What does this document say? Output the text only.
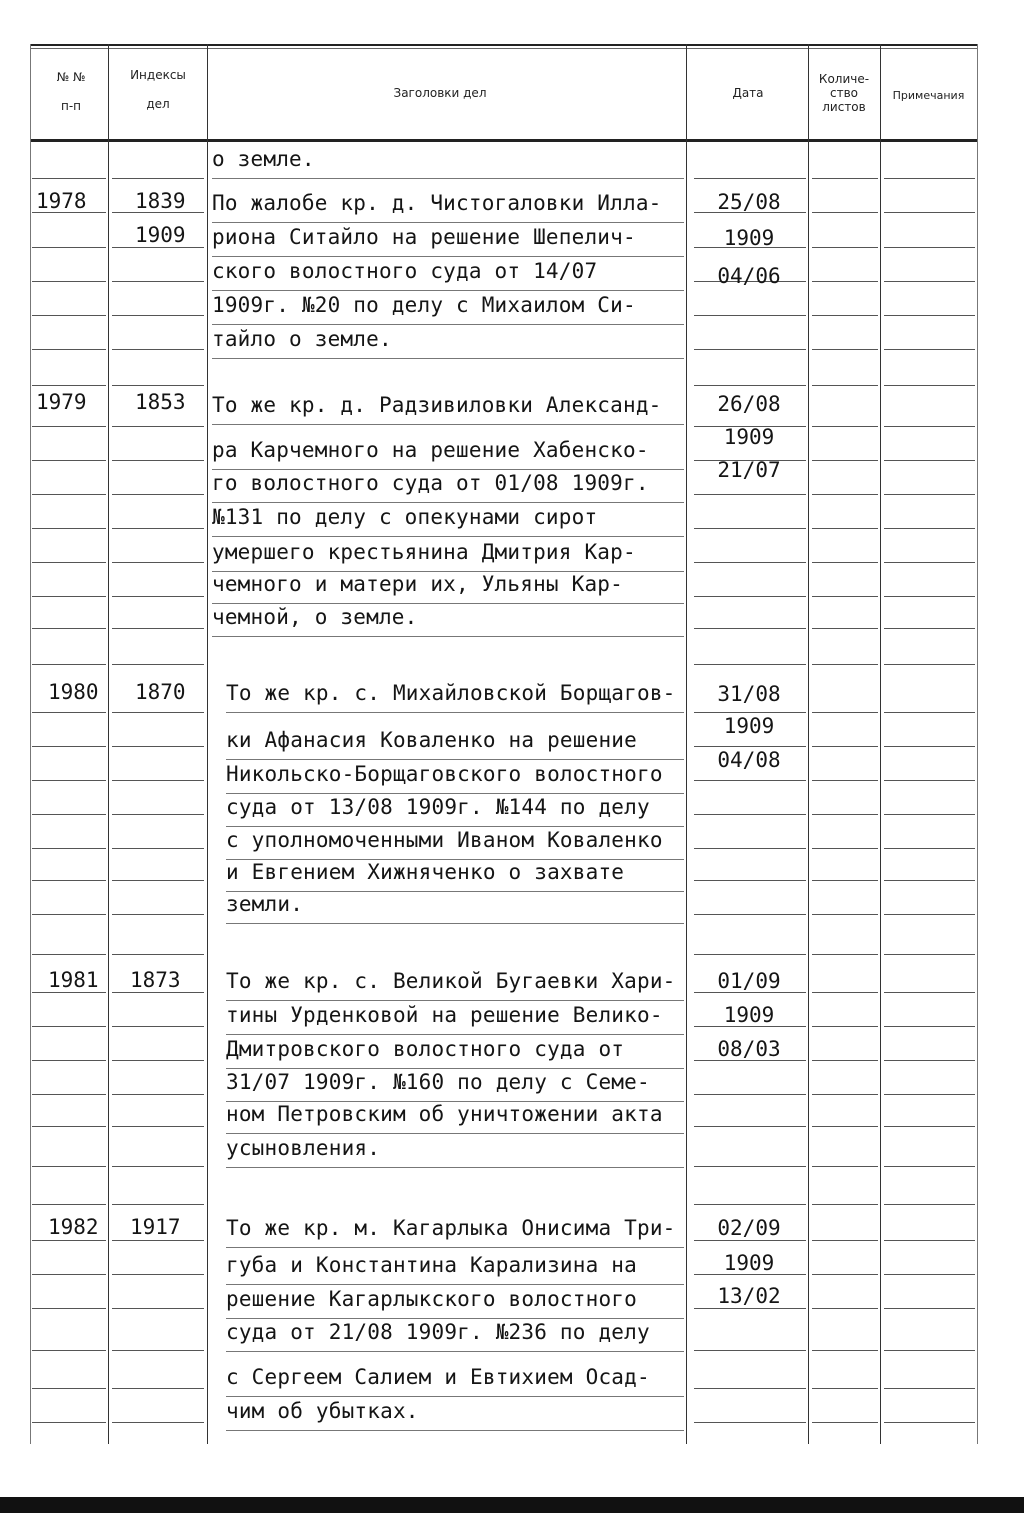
№ №
п-п
Индексы
дел
Заголовки дел	Дата
Количе-
ство
листов
Примечания
о земле.
1978 1839
1909
По жалобе кр. д. Чистогаловки Илла-
риона Ситайло на решение Шепелич-
ского волостного суда от 14/07
1909г. №20 по делу с Михаилом Си-
тайло о земле.
25/08
1909
04/06
1979 1853 То же кр. д. Радзивиловки Александ-
ра Карчемного на решение Хабенско-
го волостного суда от 01/08 1909г.
№131 по делу с опекунами сирот
умершего крестьянина Дмитрия Кар-
чемного и матери их, Ульяны Кар-
чемной, о земле.
26/08
1909
21/07
1980 1870 То же кр. с. Михайловской Борщагов-
ки Афанасия Коваленко на решение
Никольско-Борщаговского волостного
суда от 13/08 1909г. №144 по делу
с уполномоченными Иваном Коваленко
и Евгением Хижняченко о захвате
земли.
31/08
1909
04/08
1981 1873 То же кр. с. Великой Бугаевки Хари-
тины Урденковой на решение Велико-
Дмитровского волостного суда от
31/07 1909г. №160 по делу с Семе-
ном Петровским об уничтожении акта
усыновления.
01/09
1909
08/03
1982 1917 То же кр. м. Кагарлыка Онисима Три-
губа и Константина Карализина на
решение Кагарлыкского волостного
суда от 21/08 1909г. №236 по делу
с Сергеем Салием и Евтихием Осад-
чим об убытках.
02/09
1909
13/02
